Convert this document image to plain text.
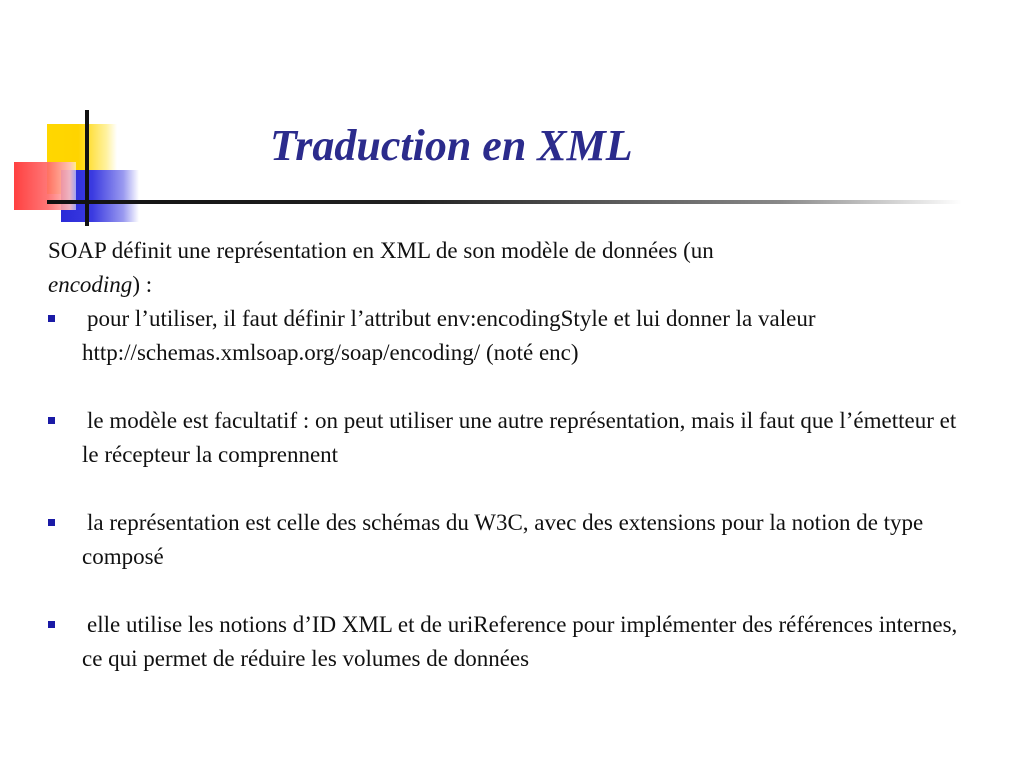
Traduction en XML

SOAP définit une représentation en XML de son modèle de données (un
encoding) :

pour l’utiliser, il faut définir l’attribut env:encodingStyle et lui donner la valeur http://schemas.xmlsoap.org/soap/encoding/ (noté enc)
le modèle est facultatif : on peut utiliser une autre représentation, mais il faut que l’émetteur et le récepteur la comprennent
la représentation est celle des schémas du W3C, avec des extensions pour la notion de type composé
elle utilise les notions d’ID XML et de uriReference pour implémenter des références internes, ce qui permet de réduire les volumes de données
